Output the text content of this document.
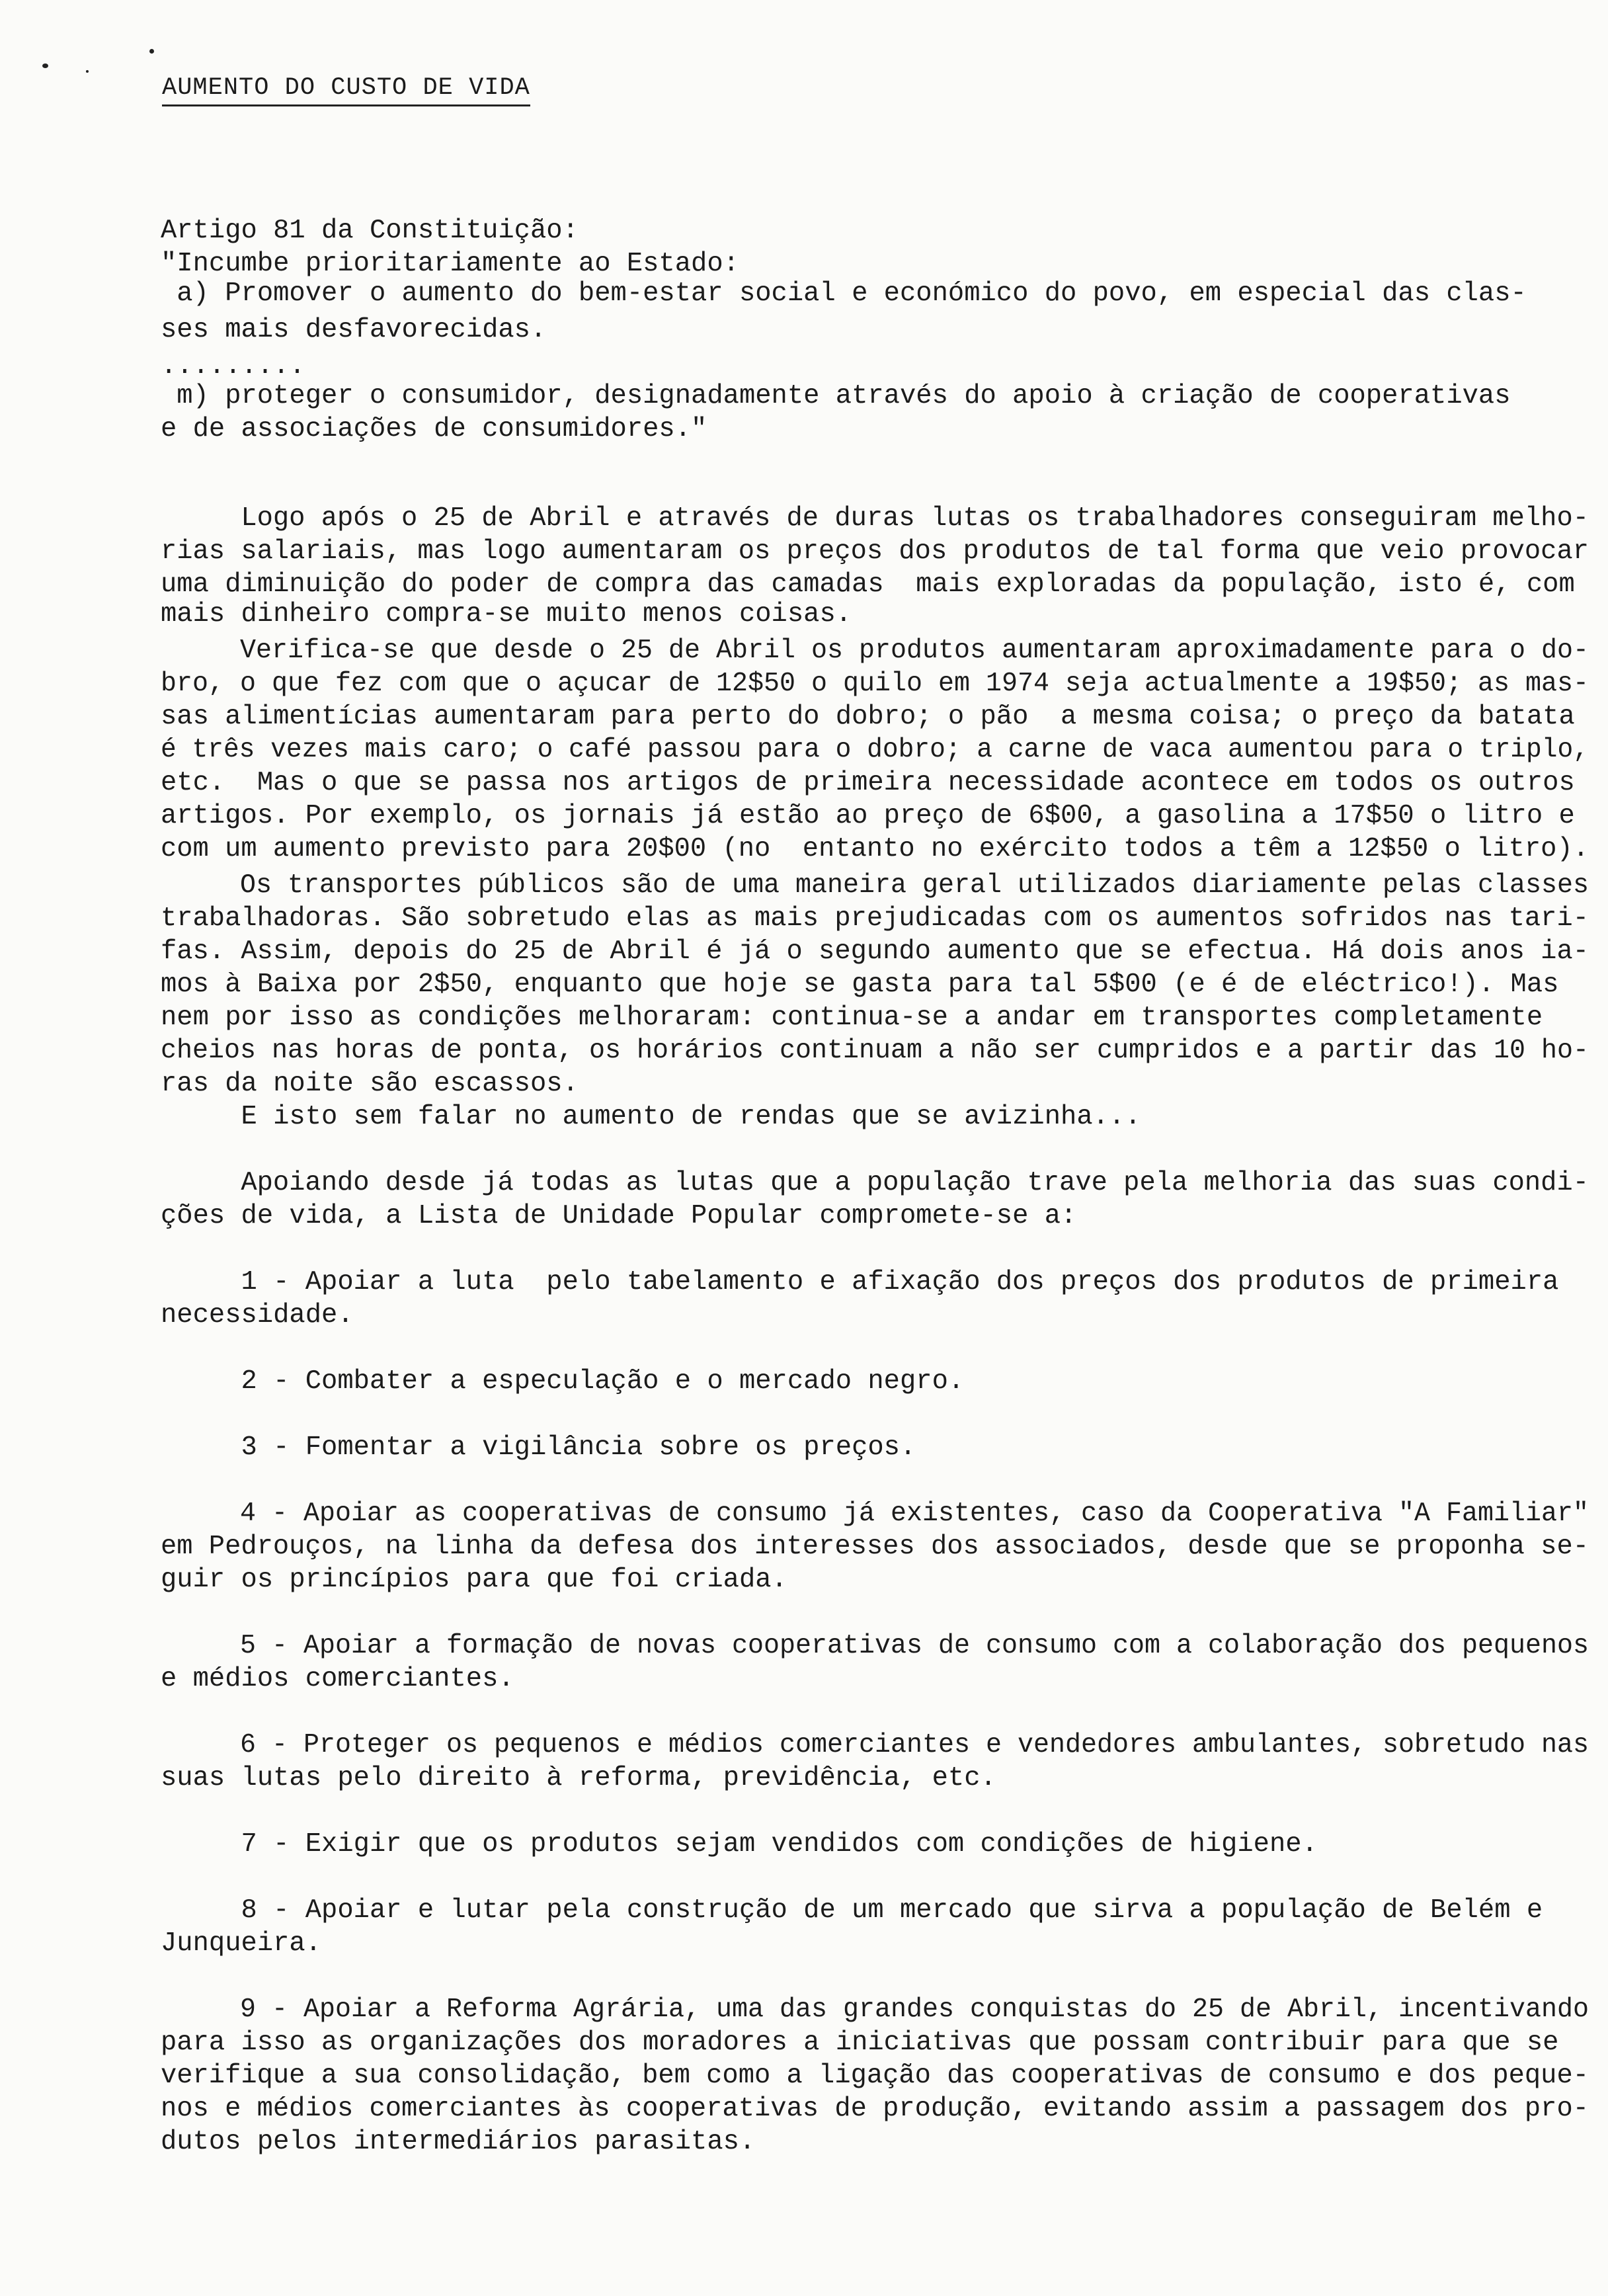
AUMENTO DO CUSTO DE VIDA
Artigo 81 da Constituição:
"Incumbe prioritariamente ao Estado:
a) Promover o aumento do bem-estar social e económico do povo, em especial das clas-
ses mais desfavorecidas.
.........
m) proteger o consumidor, designadamente através do apoio à criação de cooperativas
e de associações de consumidores."
Logo após o 25 de Abril e através de duras lutas os trabalhadores conseguiram melho-
rias salariais, mas logo aumentaram os preços dos produtos de tal forma que veio provocar
uma diminuição do poder de compra das camadas  mais exploradas da população, isto é, com
mais dinheiro compra-se muito menos coisas.
Verifica-se que desde o 25 de Abril os produtos aumentaram aproximadamente para o do-
bro, o que fez com que o açucar de 12$50 o quilo em 1974 seja actualmente a 19$50; as mas-
sas alimentícias aumentaram para perto do dobro; o pão  a mesma coisa; o preço da batata
é três vezes mais caro; o café passou para o dobro; a carne de vaca aumentou para o triplo,
etc.  Mas o que se passa nos artigos de primeira necessidade acontece em todos os outros
artigos. Por exemplo, os jornais já estão ao preço de 6$00, a gasolina a 17$50 o litro e
com um aumento previsto para 20$00 (no  entanto no exército todos a têm a 12$50 o litro).
Os transportes públicos são de uma maneira geral utilizados diariamente pelas classes
trabalhadoras. São sobretudo elas as mais prejudicadas com os aumentos sofridos nas tari-
fas. Assim, depois do 25 de Abril é já o segundo aumento que se efectua. Há dois anos ia-
mos à Baixa por 2$50, enquanto que hoje se gasta para tal 5$00 (e é de eléctrico!). Mas
nem por isso as condições melhoraram: continua-se a andar em transportes completamente
cheios nas horas de ponta, os horários continuam a não ser cumpridos e a partir das 10 ho-
ras da noite são escassos.
E isto sem falar no aumento de rendas que se avizinha...
Apoiando desde já todas as lutas que a população trave pela melhoria das suas condi-
ções de vida, a Lista de Unidade Popular compromete-se a:
1 - Apoiar a luta  pelo tabelamento e afixação dos preços dos produtos de primeira
necessidade.
2 - Combater a especulação e o mercado negro.
3 - Fomentar a vigilância sobre os preços.
4 - Apoiar as cooperativas de consumo já existentes, caso da Cooperativa "A Familiar"
em Pedrouços, na linha da defesa dos interesses dos associados, desde que se proponha se-
guir os princípios para que foi criada.
5 - Apoiar a formação de novas cooperativas de consumo com a colaboração dos pequenos
e médios comerciantes.
6 - Proteger os pequenos e médios comerciantes e vendedores ambulantes, sobretudo nas
suas lutas pelo direito à reforma, previdência, etc.
7 - Exigir que os produtos sejam vendidos com condições de higiene.
8 - Apoiar e lutar pela construção de um mercado que sirva a população de Belém e
Junqueira.
9 - Apoiar a Reforma Agrária, uma das grandes conquistas do 25 de Abril, incentivando
para isso as organizações dos moradores a iniciativas que possam contribuir para que se
verifique a sua consolidação, bem como a ligação das cooperativas de consumo e dos peque-
nos e médios comerciantes às cooperativas de produção, evitando assim a passagem dos pro-
dutos pelos intermediários parasitas.
